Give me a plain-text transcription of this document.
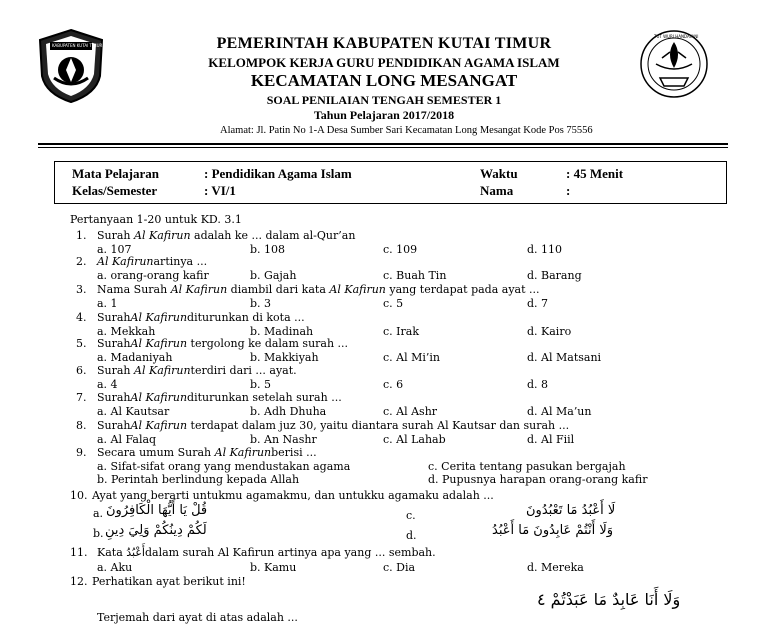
KABUPATEN KUTAI TIMUR
TUT WURI HANDAYANI
PEMERINTAH KABUPATEN KUTAI TIMUR
KELOMPOK KERJA GURU PENDIDIKAN AGAMA ISLAM
KECAMATAN LONG MESANGAT
SOAL PENILAIAN TENGAH SEMESTER 1
Tahun Pelajaran 2017/2018
Alamat: Jl. Patin No 1-A Desa Sumber Sari Kecamatan Long Mesangat Kode Pos 75556
Mata Pelajaran	: Pendidikan Agama Islam
Kelas/Semester	: VI/1
Waktu	: 45 Menit
Nama	:
Pertanyaan 1-20 untuk KD. 3.1
1. Surah Al Kafirun adalah ke ... dalam al-Qur’an
a. 107	b. 108	c. 109	d. 110
2. Al Kafirunartinya ...
a. orang-orang kafir	b. Gajah	c. Buah Tin	d. Barang
3. Nama Surah Al Kafirun diambil dari kata Al Kafirun yang terdapat pada ayat ...
a. 1	b. 3	c. 5	d. 7
4. SurahAl Kafirunditurunkan di kota ...
a. Mekkah	b. Madinah	c. Irak	d. Kairo
5. SurahAl Kafirun tergolong ke dalam surah ...
a. Madaniyah	b. Makkiyah	c. Al Mi’in	d. Al Matsani
6. Surah Al Kafirunterdiri dari ... ayat.
a. 4	b. 5	c. 6	d. 8
7. SurahAl Kafirunditurunkan setelah surah ...
a. Al Kautsar	b. Adh Dhuha	c. Al Ashr	d. Al Ma’un
8. SurahAl Kafirun terdapat dalam juz 30, yaitu diantara surah Al Kautsar dan surah ...
a. Al Falaq	b. An Nashr	c. Al Lahab	d. Al Fiil
9. Secara umum Surah Al Kafirunberisi ...
a. Sifat-sifat orang yang mendustakan agama
b. Perintah berlindung kepada Allah
c. Cerita tentang pasukan bergajah
d. Pupusnya harapan orang-orang kafir
10. Ayat yang berarti untukmu agamakmu, dan untukku agamaku adalah ...
a. قُلْ يَا أَيُّهَا الْكَافِرُونَ
b. لَكُمْ دِينُكُمْ وَلِيَ دِينِ
c.	لَا أَعْبُدُ مَا تَعْبُدُونَ
d.	وَلَا أَنْتُمْ عَابِدُونَ مَا أَعْبُدُ
11. Kata أَعْبُدُdalam surah Al Kafirun artinya apa yang ... sembah.
a. Aku	b. Kamu	c. Dia	d. Mereka
12. Perhatikan ayat berikut ini!
وَلَا أَنَا عَابِدٌ مَا عَبَدْتُمْ ٤
Terjemah dari ayat di atas adalah ...
